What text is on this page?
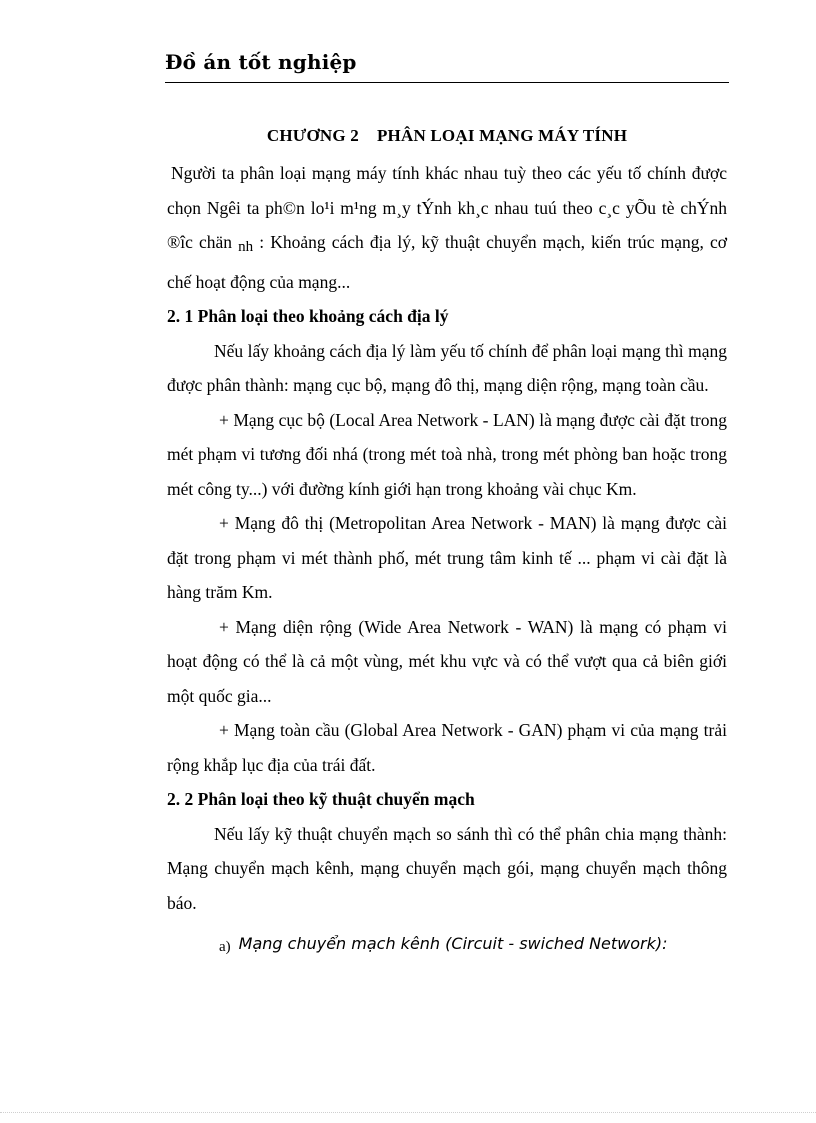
Đồ án tốt nghiệp
CHƯƠNG 2 PHÂN LOẠI MẠNG MÁY TÍNH

Người ta phân loại mạng máy tính khác nhau tuỳ theo các yếu tố chính được chọn Ngêi ta ph©n lo¹i m¹ng m¸y tÝnh kh¸c nhau tuú theo c¸c yÕu tè chÝnh ®îc chän nh : Khoảng cách địa lý, kỹ thuật chuyển mạch, kiến trúc mạng, cơ chế hoạt động của mạng...

2. 1 Phân loại theo khoảng cách địa lý

Nếu lấy khoảng cách địa lý làm yếu tố chính để phân loại mạng thì mạng được phân thành: mạng cục bộ, mạng đô thị, mạng diện rộng, mạng toàn cầu.

+ Mạng cục bộ (Local Area Network - LAN) là mạng được cài đặt trong mét phạm vi tương đối nhá (trong mét toà nhà, trong mét phòng ban hoặc trong mét công ty...) với đường kính giới hạn trong khoảng vài chục Km.

+ Mạng đô thị (Metropolitan Area Network - MAN) là mạng được cài đặt trong phạm vi mét thành phố, mét trung tâm kinh tế ... phạm vi cài đặt là hàng trăm Km.

+ Mạng diện rộng (Wide Area Network - WAN) là mạng có phạm vi hoạt động có thể là cả một vùng, mét khu vực và có thể vượt qua cả biên giới một quốc gia...

+ Mạng toàn cầu (Global Area Network - GAN) phạm vi của mạng trải rộng khắp lục địa của trái đất.

2. 2 Phân loại theo kỹ thuật chuyển mạch

Nếu lấy kỹ thuật chuyển mạch so sánh thì có thể phân chia mạng thành: Mạng chuyển mạch kênh, mạng chuyển mạch gói, mạng chuyển mạch thông báo.

a) Mạng chuyển mạch kênh (Circuit - swiched Network):
